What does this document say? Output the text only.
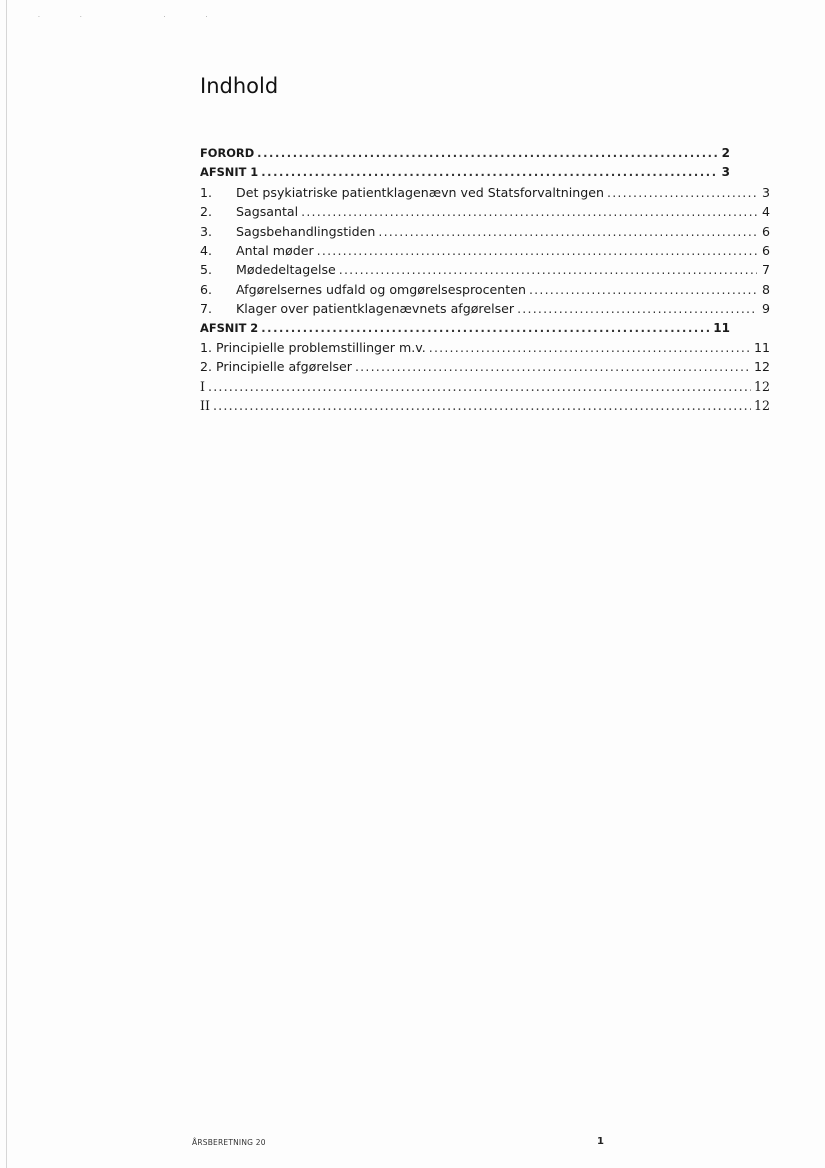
·· ··
Indhold
FORORD .....	2
AFSNIT 1 .....	3
1.	Det psykiatriske patientklagenævn ved Statsforvaltningen .....	3
2.	Sagsantal .....	4
3.	Sagsbehandlingstiden .....	6
4.	Antal møder .....	6
5.	Mødedeltagelse .....	7
6.	Afgørelsernes udfald og omgørelsesprocenten .....	8
7.	Klager over patientklagenævnets afgørelser .....	9
AFSNIT 2 .....	11
1. Principielle problemstillinger m.v. .....	11
2. Principielle afgørelser .....	12
I .....	12
II .....	12
ÅRSBERETNING 20	1
